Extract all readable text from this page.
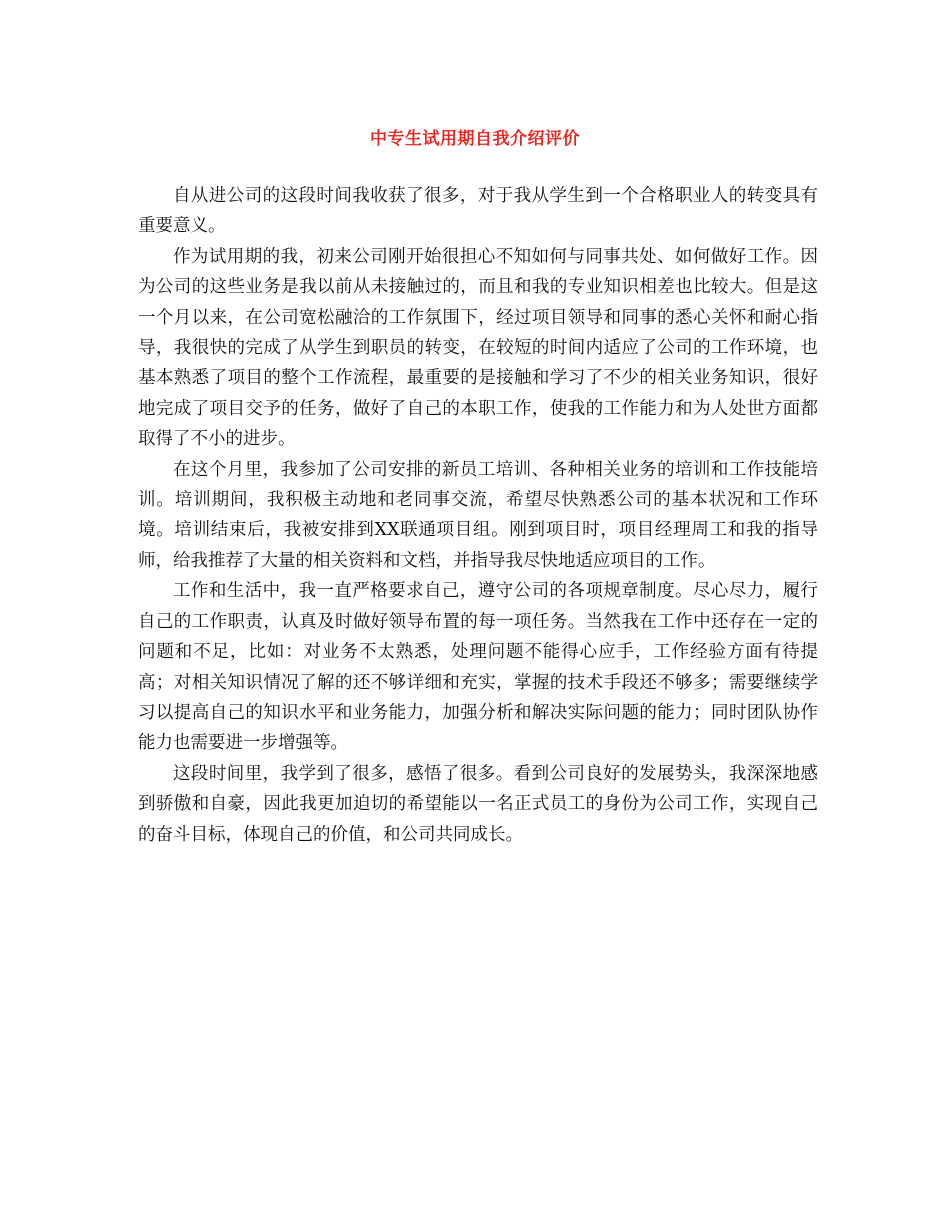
中专生试用期自我介绍评价

自从进公司的这段时间我收获了很多，对于我从学生到一个合格职业人的转变具有重要意义。

作为试用期的我，初来公司刚开始很担心不知如何与同事共处、如何做好工作。因为公司的这些业务是我以前从未接触过的，而且和我的专业知识相差也比较大。但是这一个月以来，在公司宽松融洽的工作氛围下，经过项目领导和同事的悉心关怀和耐心指导，我很快的完成了从学生到职员的转变，在较短的时间内适应了公司的工作环境，也基本熟悉了项目的整个工作流程，最重要的是接触和学习了不少的相关业务知识，很好地完成了项目交予的任务，做好了自己的本职工作，使我的工作能力和为人处世方面都取得了不小的进步。

在这个月里，我参加了公司安排的新员工培训、各种相关业务的培训和工作技能培训。培训期间，我积极主动地和老同事交流，希望尽快熟悉公司的基本状况和工作环境。培训结束后，我被安排到XX联通项目组。刚到项目时，项目经理周工和我的指导师，给我推荐了大量的相关资料和文档，并指导我尽快地适应项目的工作。

工作和生活中，我一直严格要求自己，遵守公司的各项规章制度。尽心尽力，履行自己的工作职责，认真及时做好领导布置的每一项任务。当然我在工作中还存在一定的问题和不足，比如：对业务不太熟悉，处理问题不能得心应手，工作经验方面有待提高；对相关知识情况了解的还不够详细和充实，掌握的技术手段还不够多；需要继续学习以提高自己的知识水平和业务能力，加强分析和解决实际问题的能力；同时团队协作能力也需要进一步增强等。

这段时间里，我学到了很多，感悟了很多。看到公司良好的发展势头，我深深地感到骄傲和自豪，因此我更加迫切的希望能以一名正式员工的身份为公司工作，实现自己的奋斗目标，体现自己的价值，和公司共同成长。
